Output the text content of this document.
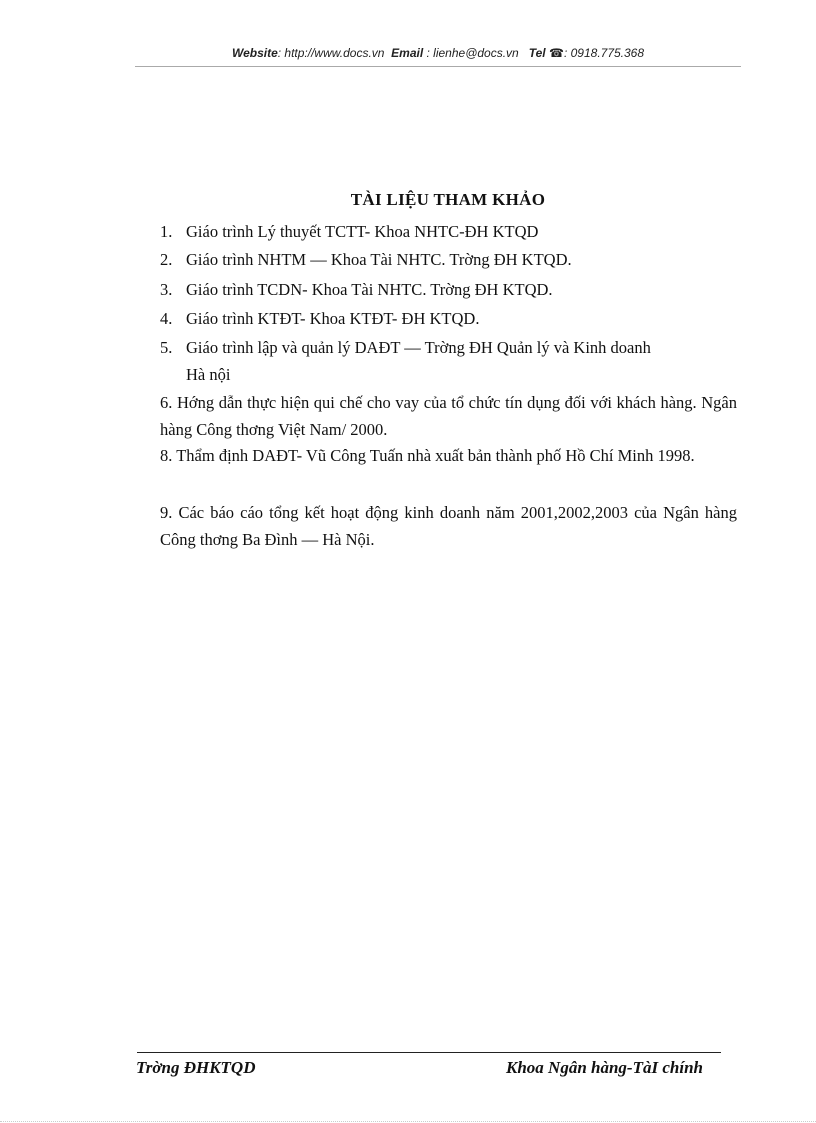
Website: http://www.docs.vn Email : lienhe@docs.vn Tel ☎: 0918.775.368
TÀI LIỆU THAM KHẢO
1. Giáo trình Lý thuyết TCTT- Khoa NHTC-ĐH KTQD
2. Giáo trình NHTM — Khoa Tài NHTC. Trờng ĐH KTQD.
3. Giáo trình TCDN- Khoa Tài NHTC. Trờng ĐH KTQD.
4. Giáo trình KTĐT- Khoa KTĐT- ĐH KTQD.
5. Giáo trình lập và quản lý DAĐT — Trờng ĐH Quản lý và Kinh doanh
Hà nội
6. Hớng dẫn thực hiện qui chế cho vay của tổ chức tín dụng đối với khách hàng. Ngân hàng Công thơng Việt Nam/ 2000.
8. Thẩm định DAĐT- Vũ Công Tuấn nhà xuất bản thành phố Hồ Chí Minh 1998.
9. Các báo cáo tổng kết hoạt động kinh doanh năm 2001,2002,2003 của Ngân hàng Công thơng Ba Đình — Hà Nội.
Trờng ĐHKTQD	Khoa Ngân hàng-TàI chính
